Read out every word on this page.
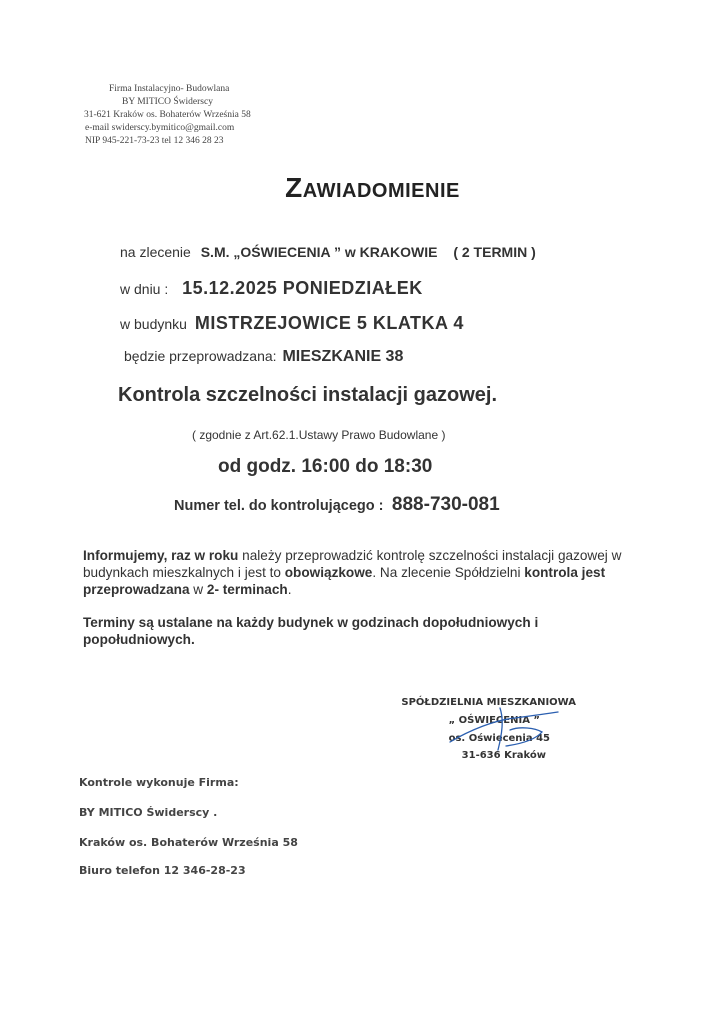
Firma Instalacyjno- Budowlana
BY MITICO Świderscy
31-621 Kraków os. Bohaterów Września 58
e-mail swiderscy.bymitico@gmail.com
NIP 945-221-73-23 tel 12 346 28 23
Zawiadomienie
na zlecenie S.M. „OŚWIECENIA ” w KRAKOWIE ( 2 TERMIN )
w dniu : 15.12.2025 PONIEDZIAŁEK
w budynku MISTRZEJOWICE 5 KLATKA 4
będzie przeprowadzana: MIESZKANIE 38
Kontrola szczelności instalacji gazowej.
( zgodnie z Art.62.1.Ustawy Prawo Budowlane )
od godz. 16:00 do 18:30
Numer tel. do kontrolującego : 888-730-081
Informujemy, raz w roku należy przeprowadzić kontrolę szczelności instalacji gazowej w budynkach mieszkalnych i jest to obowiązkowe. Na zlecenie Spółdzielni kontrola jest przeprowadzana w 2- terminach.
Terminy są ustalane na każdy budynek w godzinach dopołudniowych i popołudniowych.
SPÓŁDZIELNIA MIESZKANIOWA
„ OŚWIECENIA ”
os. Oświecenia 45
31-636 Kraków
Kontrole wykonuje Firma:
BY MITICO Świderscy .
Kraków os. Bohaterów Września 58
Biuro telefon 12 346-28-23
